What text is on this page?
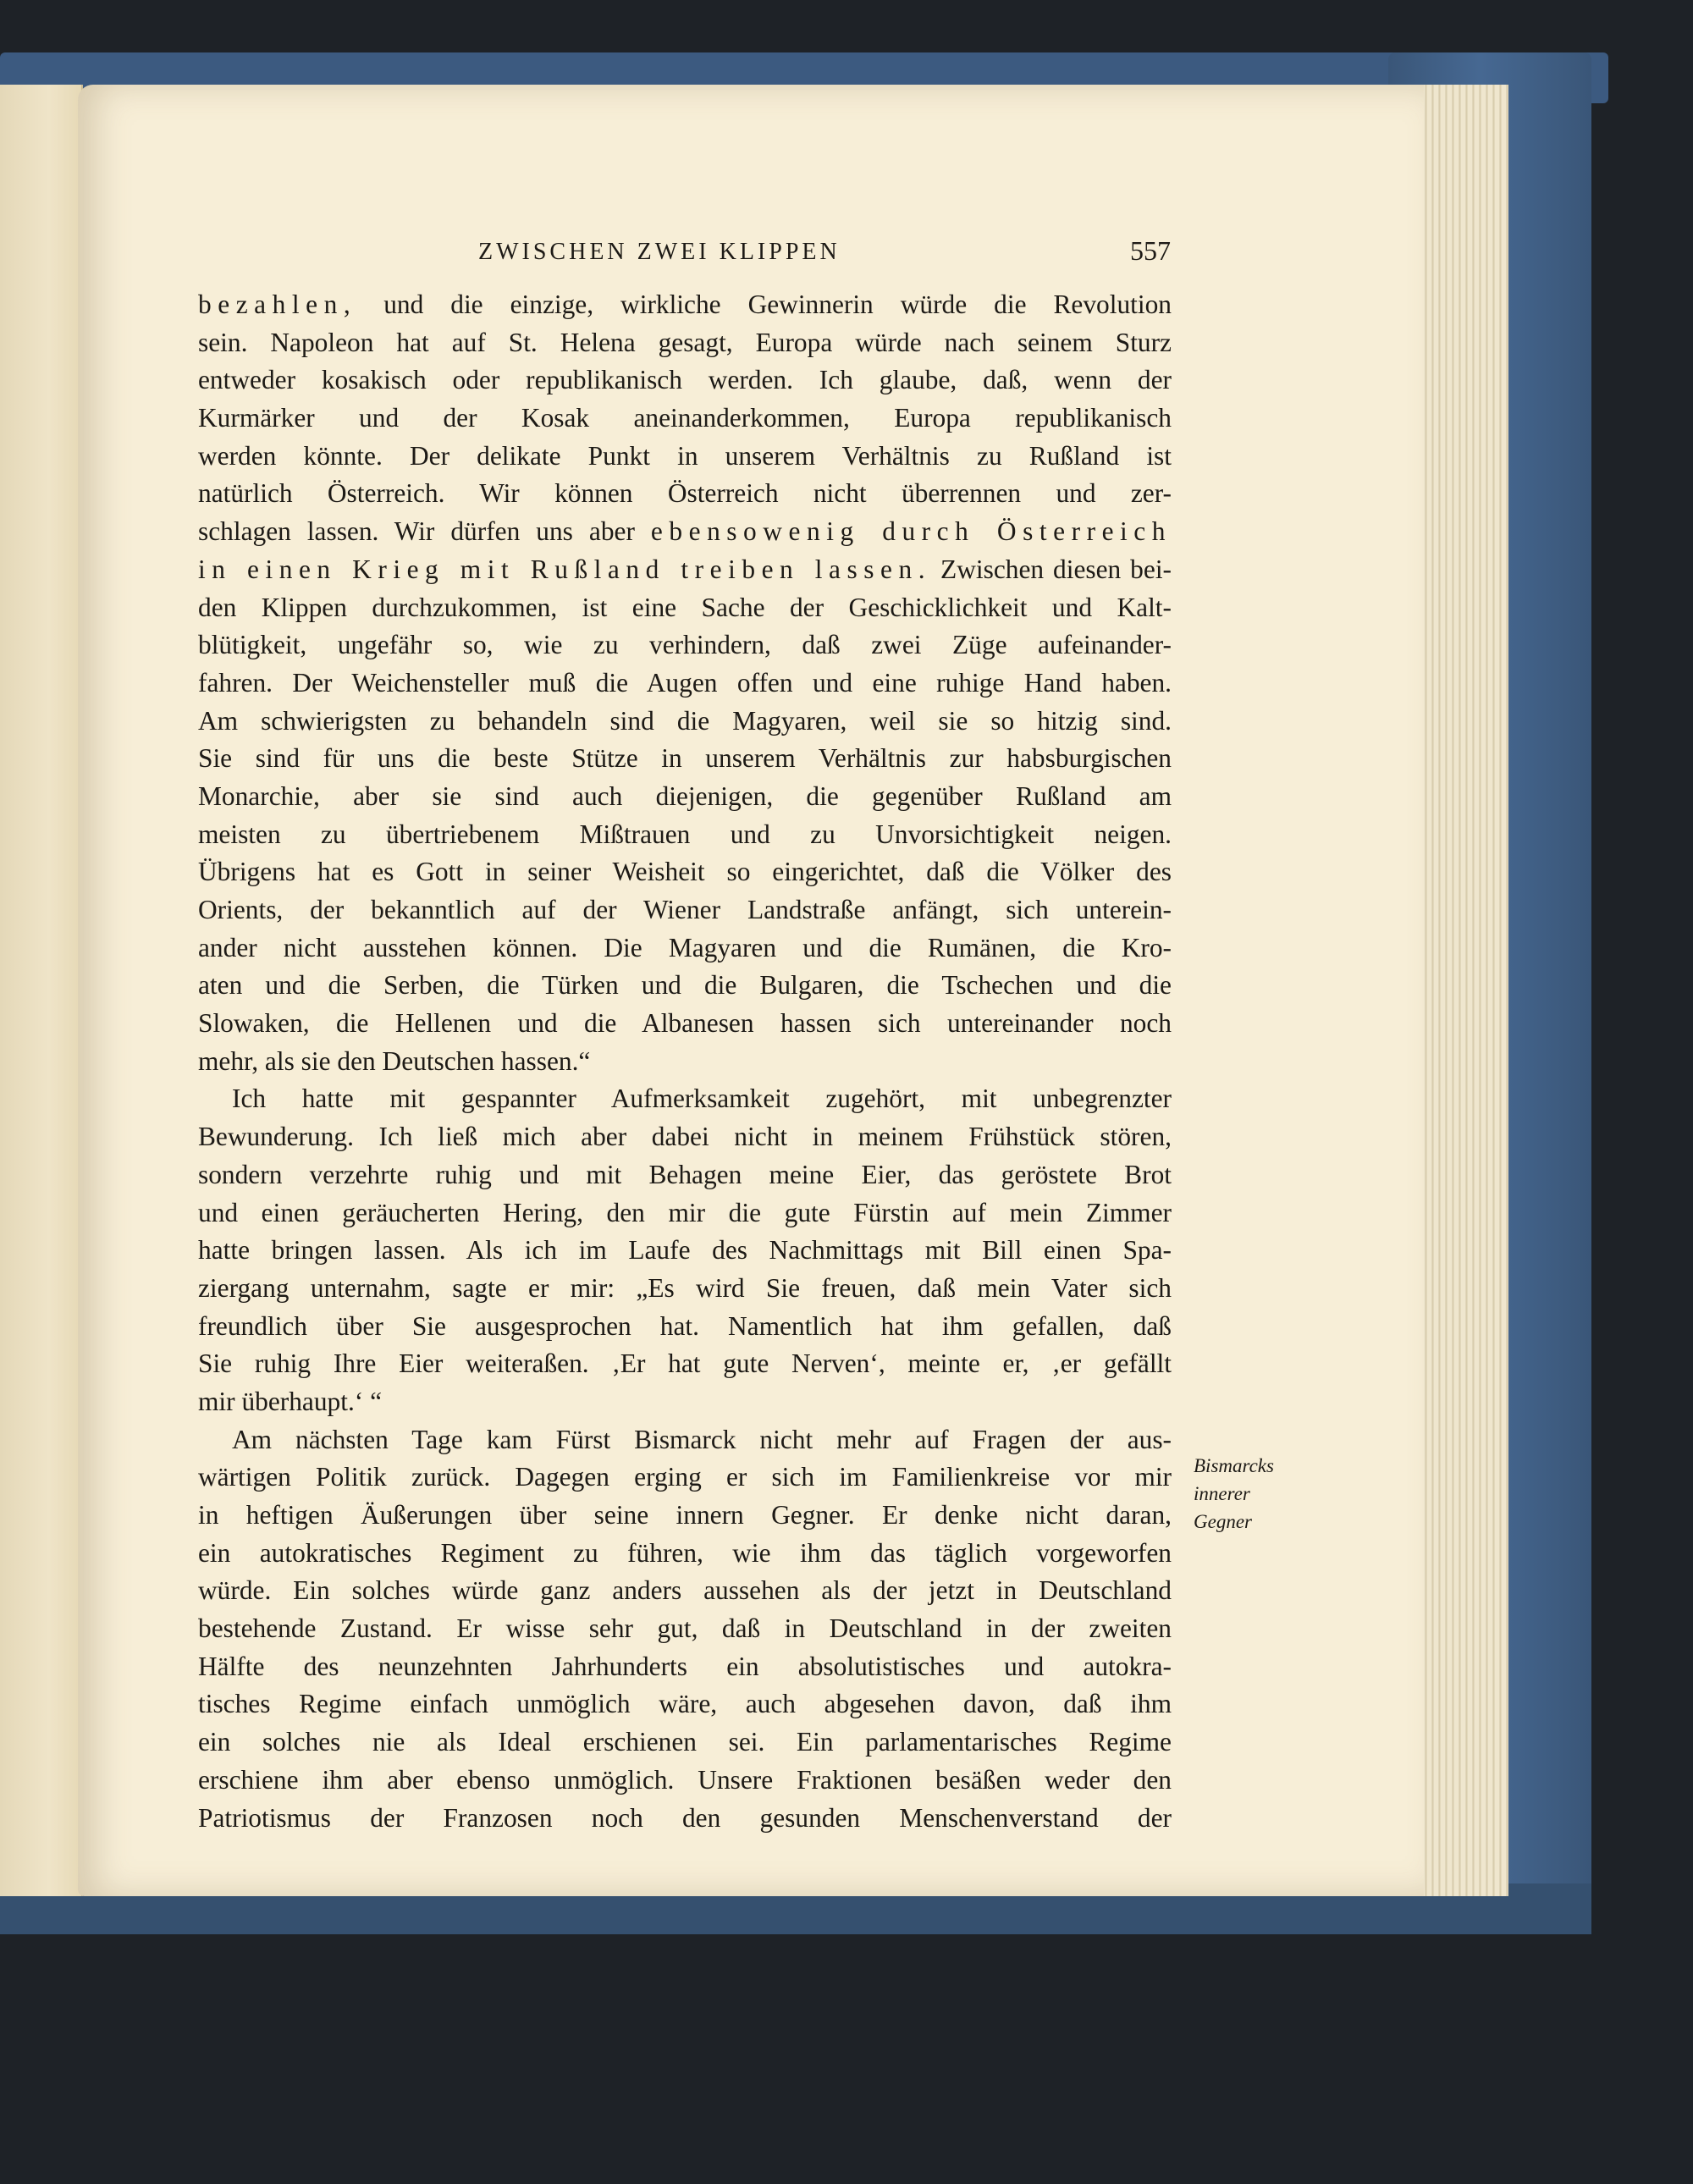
ZWISCHEN ZWEI KLIPPEN	557
bezahlen, und die einzige, wirkliche Gewinnerin würde die Revolution
sein. Napoleon hat auf St. Helena gesagt, Europa würde nach seinem Sturz
entweder kosakisch oder republikanisch werden. Ich glaube, daß, wenn der
Kurmärker und der Kosak aneinanderkommen, Europa republikanisch
werden könnte. Der delikate Punkt in unserem Verhältnis zu Rußland ist
natürlich Österreich. Wir können Österreich nicht überrennen und zer-
schlagen lassen. Wir dürfen uns aber ebensowenig durch Österreich
in einen Krieg mit Rußland treiben lassen. Zwischen diesen bei-
den Klippen durchzukommen, ist eine Sache der Geschicklichkeit und Kalt-
blütigkeit, ungefähr so, wie zu verhindern, daß zwei Züge aufeinander-
fahren. Der Weichensteller muß die Augen offen und eine ruhige Hand haben.
Am schwierigsten zu behandeln sind die Magyaren, weil sie so hitzig sind.
Sie sind für uns die beste Stütze in unserem Verhältnis zur habsburgischen
Monarchie, aber sie sind auch diejenigen, die gegenüber Rußland am
meisten zu übertriebenem Mißtrauen und zu Unvorsichtigkeit neigen.
Übrigens hat es Gott in seiner Weisheit so eingerichtet, daß die Völker des
Orients, der bekanntlich auf der Wiener Landstraße anfängt, sich unterein-
ander nicht ausstehen können. Die Magyaren und die Rumänen, die Kro-
aten und die Serben, die Türken und die Bulgaren, die Tschechen und die
Slowaken, die Hellenen und die Albanesen hassen sich untereinander noch
mehr, als sie den Deutschen hassen.“
Ich hatte mit gespannter Aufmerksamkeit zugehört, mit unbegrenzter
Bewunderung. Ich ließ mich aber dabei nicht in meinem Frühstück stören,
sondern verzehrte ruhig und mit Behagen meine Eier, das geröstete Brot
und einen geräucherten Hering, den mir die gute Fürstin auf mein Zimmer
hatte bringen lassen. Als ich im Laufe des Nachmittags mit Bill einen Spa-
ziergang unternahm, sagte er mir: „Es wird Sie freuen, daß mein Vater sich
freundlich über Sie ausgesprochen hat. Namentlich hat ihm gefallen, daß
Sie ruhig Ihre Eier weiteraßen. ‚Er hat gute Nerven‘, meinte er, ‚er gefällt
mir überhaupt.‘ “
Am nächsten Tage kam Fürst Bismarck nicht mehr auf Fragen der aus-
wärtigen Politik zurück. Dagegen erging er sich im Familienkreise vor mir
in heftigen Äußerungen über seine innern Gegner. Er denke nicht daran,
ein autokratisches Regiment zu führen, wie ihm das täglich vorgeworfen
würde. Ein solches würde ganz anders aussehen als der jetzt in Deutschland
bestehende Zustand. Er wisse sehr gut, daß in Deutschland in der zweiten
Hälfte des neunzehnten Jahrhunderts ein absolutistisches und autokra-
tisches Regime einfach unmöglich wäre, auch abgesehen davon, daß ihm
ein solches nie als Ideal erschienen sei. Ein parlamentarisches Regime
erschiene ihm aber ebenso unmöglich. Unsere Fraktionen besäßen weder den
Patriotismus der Franzosen noch den gesunden Menschenverstand der
Bismarcks
innerer
Gegner
